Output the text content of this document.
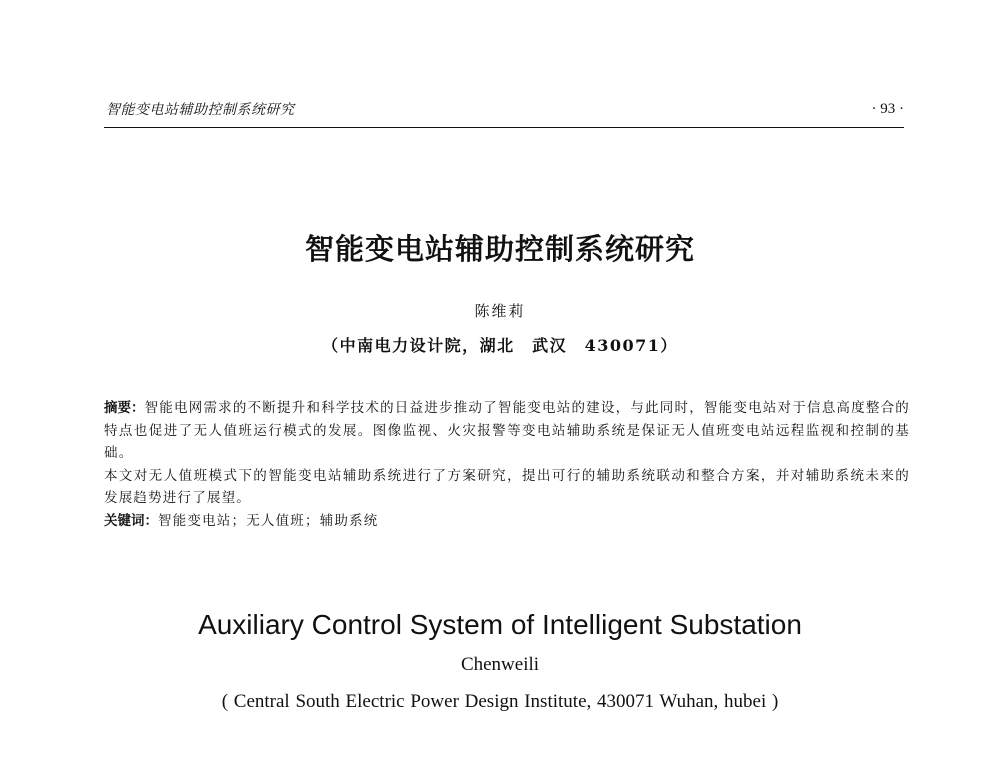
智能变电站辅助控制系统研究	· 93 ·
智能变电站辅助控制系统研究
陈维莉
（中南电力设计院，湖北　武汉　430071）

摘要：智能电网需求的不断提升和科学技术的日益进步推动了智能变电站的建设，与此同时，智能变电站对于信息高度整合的特点也促进了无人值班运行模式的发展。图像监视、火灾报警等变电站辅助系统是保证无人值班变电站远程监视和控制的基础。

本文对无人值班模式下的智能变电站辅助系统进行了方案研究，提出可行的辅助系统联动和整合方案，并对辅助系统未来的发展趋势进行了展望。

关键词：智能变电站；无人值班；辅助系统

Auxiliary Control System of Intelligent Substation
Chenweili
( Central South Electric Power Design Institute, 430071 Wuhan, hubei )
